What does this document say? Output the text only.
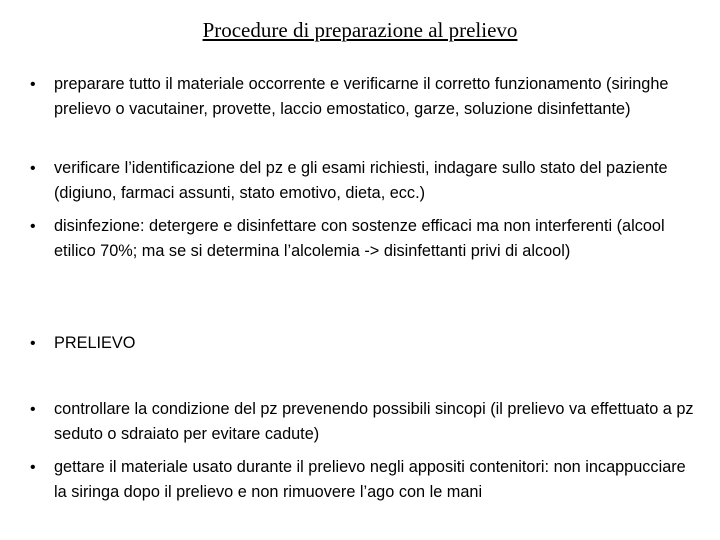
Procedure di preparazione al prelievo
• preparare tutto il materiale occorrente e verificarne il corretto funzionamento (siringhe prelievo o vacutainer, provette, laccio emostatico, garze, soluzione disinfettante)
• verificare l’identificazione del pz e gli esami richiesti, indagare sullo stato del paziente (digiuno, farmaci assunti, stato emotivo, dieta, ecc.)
• disinfezione: detergere e disinfettare con sostenze efficaci ma non interferenti (alcool etilico 70%; ma se si determina l’alcolemia -> disinfettanti privi di alcool)
• PRELIEVO
• controllare la condizione del pz prevenendo possibili sincopi (il prelievo va effettuato a pz seduto o sdraiato per evitare cadute)
• gettare il materiale usato durante il prelievo negli appositi contenitori: non incappucciare la siringa dopo il prelievo e non rimuovere l’ago con le mani
